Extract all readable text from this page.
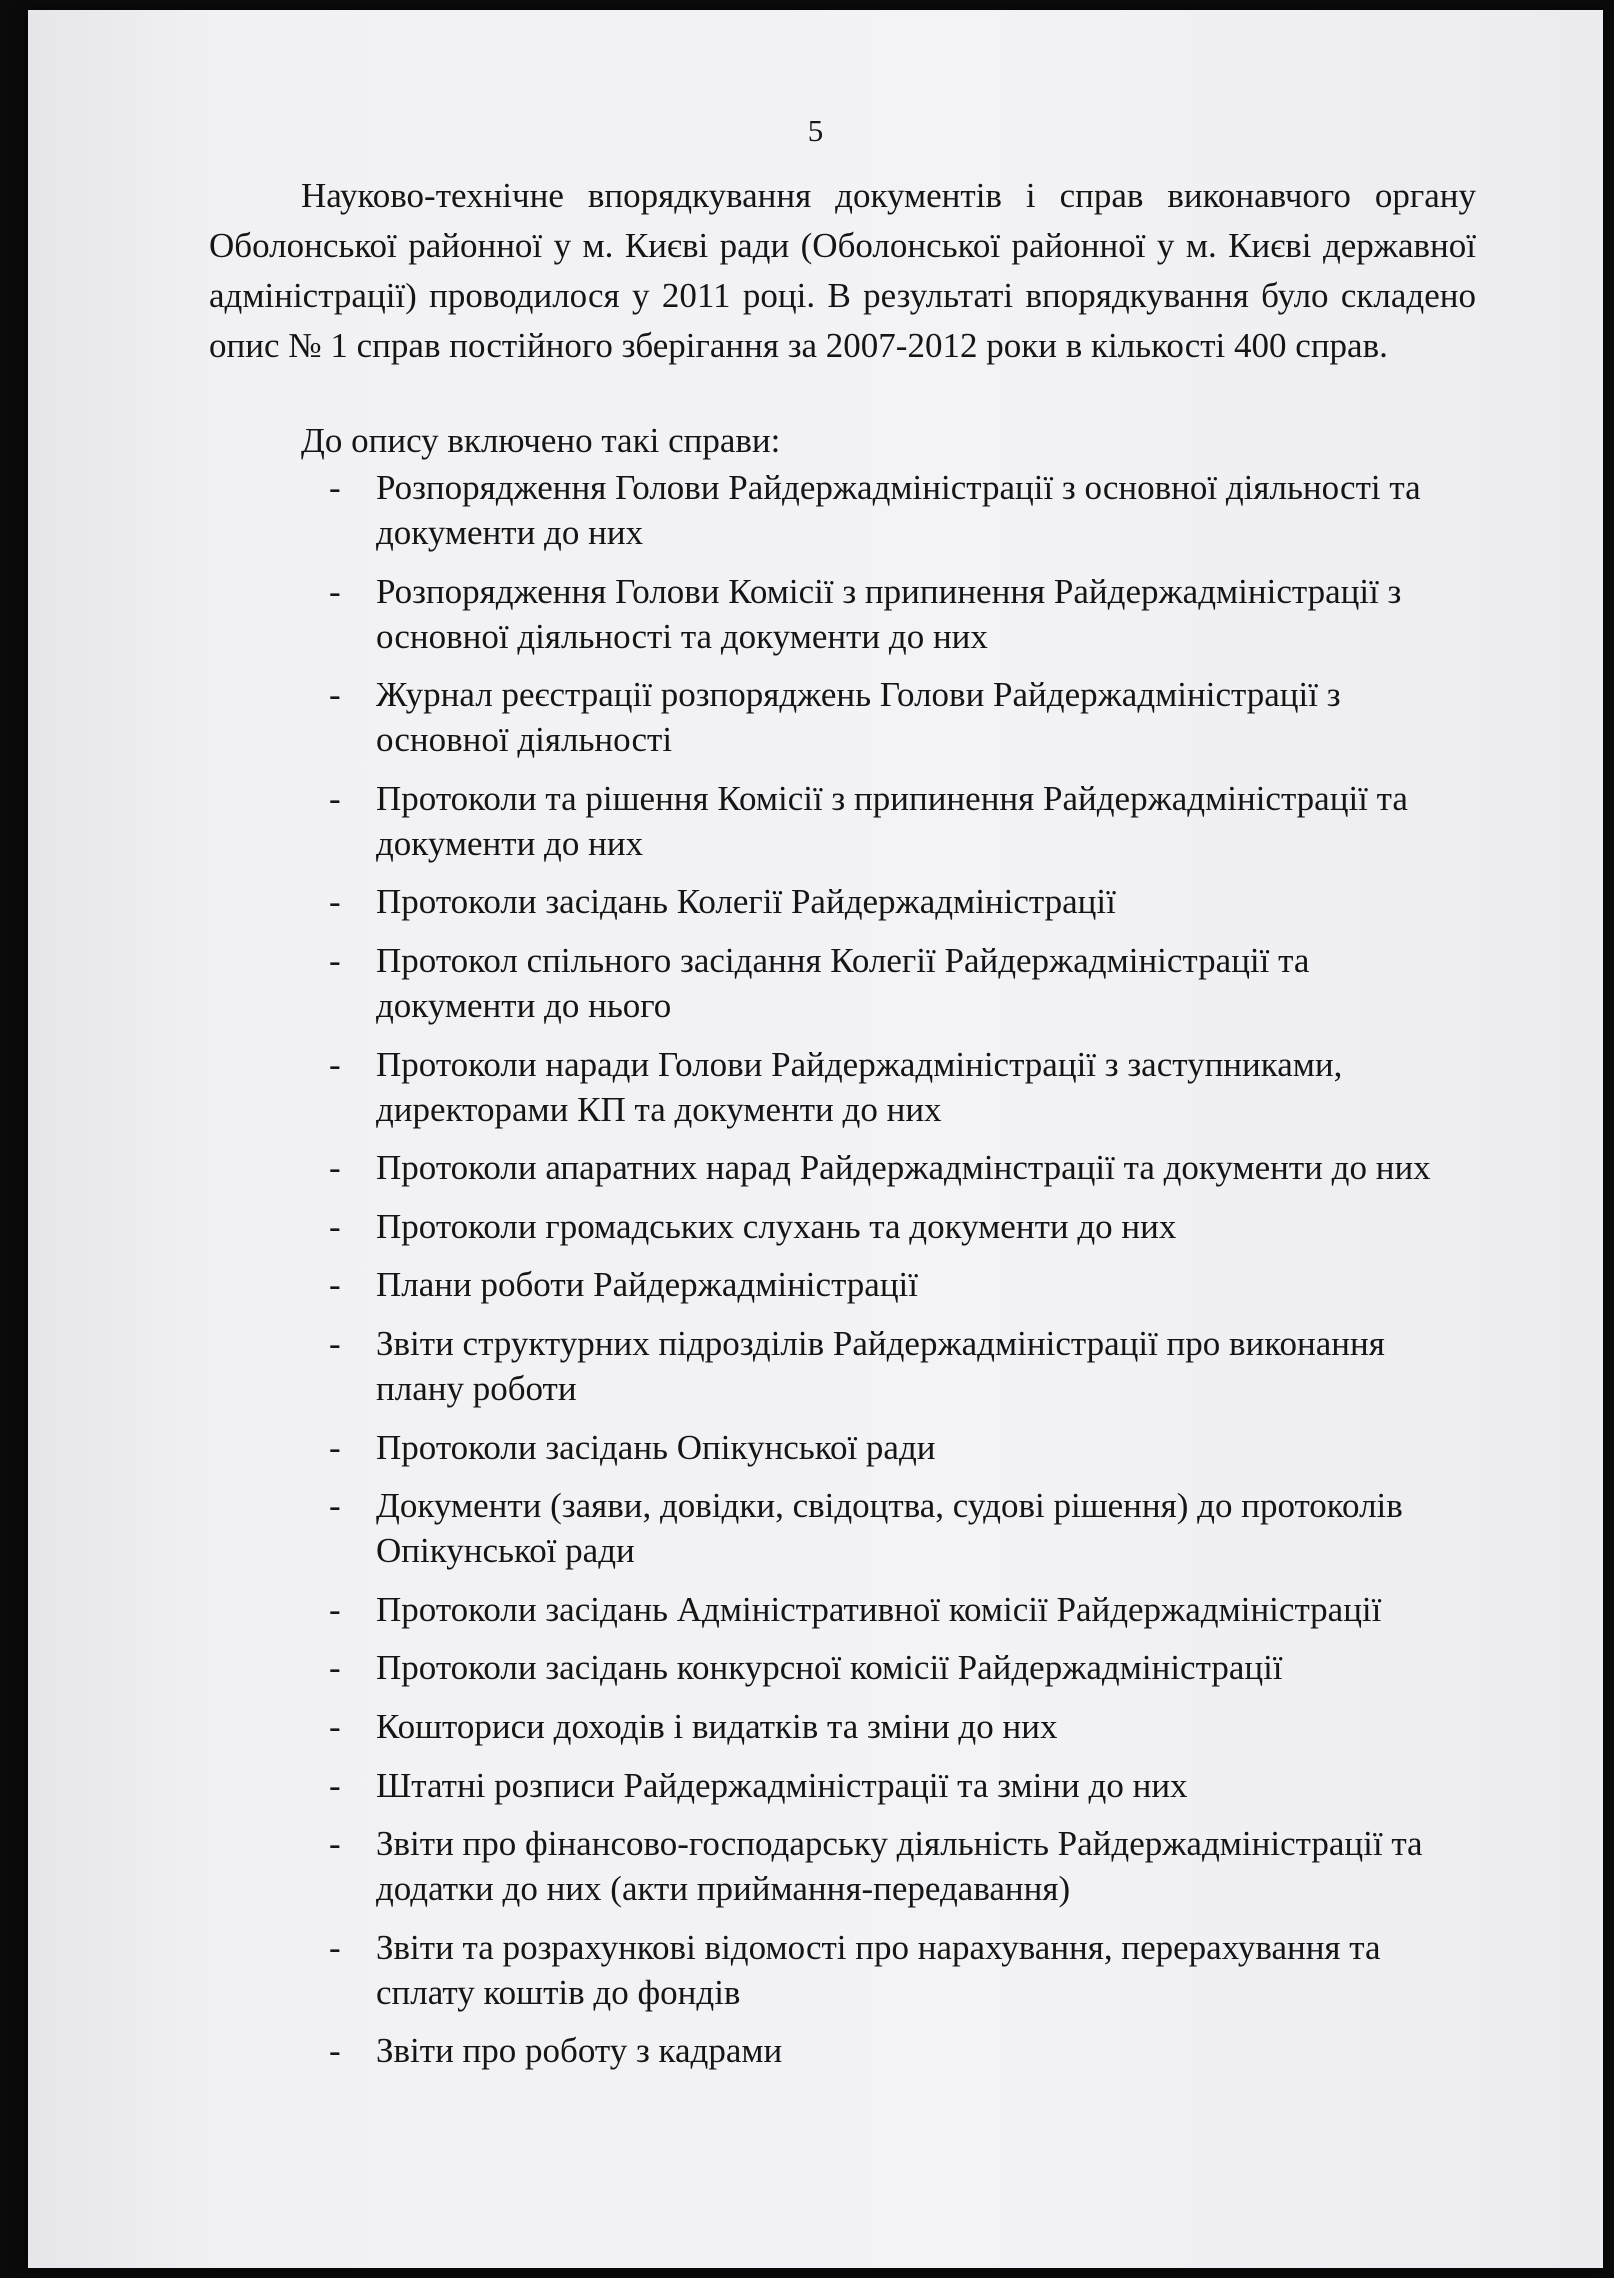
5

Науково-технічне впорядкування документів і справ виконавчого органу Оболонської районної у м. Києві ради (Оболонської районної у м. Києві державної адміністрації) проводилося у 2011 році. В результаті впорядкування було складено опис № 1 справ постійного зберігання за 2007-2012 роки в кількості 400 справ.

До опису включено такі справи:

- Розпорядження Голови Райдержадміністрації з основної діяльності та документи до них
- Розпорядження Голови Комісії з припинення Райдержадміністрації з основної діяльності та документи до них
- Журнал реєстрації розпоряджень Голови Райдержадміністрації з основної діяльності
- Протоколи та рішення Комісії з припинення Райдержадміністрації та документи до них
- Протоколи засідань Колегії Райдержадміністрації
- Протокол спільного засідання Колегії Райдержадміністрації та документи до нього
- Протоколи наради Голови Райдержадміністрації з заступниками, директорами КП та документи до них
- Протоколи апаратних нарад Райдержадмінстрації та документи до них
- Протоколи громадських слухань та документи до них
- Плани роботи Райдержадміністрації
- Звіти структурних підрозділів Райдержадміністрації про виконання плану роботи
- Протоколи засідань Опікунської ради
- Документи (заяви, довідки, свідоцтва, судові рішення) до протоколів Опікунської ради
- Протоколи засідань Адміністративної комісії Райдержадміністрації
- Протоколи засідань конкурсної комісії Райдержадміністрації
- Кошториси доходів і видатків та зміни до них
- Штатні розписи Райдержадміністрації та зміни до них
- Звіти про фінансово-господарську діяльність Райдержадміністрації та додатки до них (акти приймання-передавання)
- Звіти та розрахункові відомості про нарахування, перерахування та сплату коштів до фондів
- Звіти про роботу з кадрами
